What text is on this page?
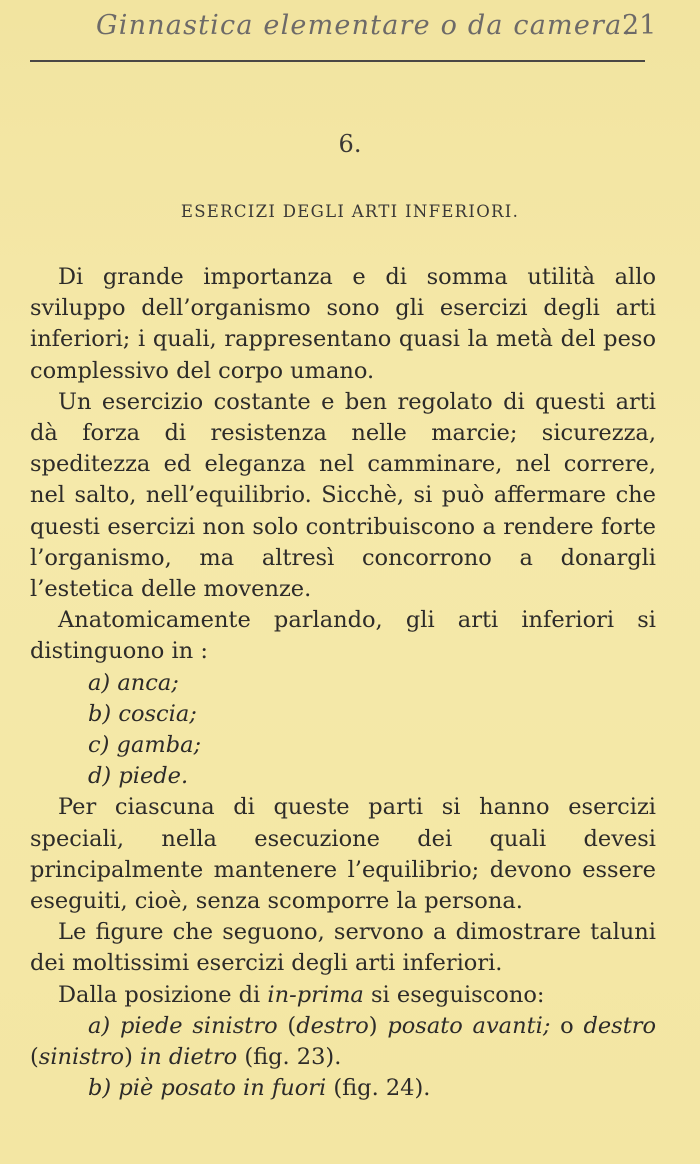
Ginnastica elementare o da camera.
21
6.
ESERCIZI DEGLI ARTI INFERIORI.

Di grande importanza e di somma utilità allo sviluppo dell’organismo sono gli esercizi degli arti inferiori; i quali, rappresentano quasi la metà del peso complessivo del corpo umano.

Un esercizio costante e ben regolato di questi arti dà forza di resistenza nelle marcie; sicurezza, speditezza ed eleganza nel camminare, nel correre, nel salto, nell’equilibrio. Sicchè, si può affermare che questi esercizi non solo contribuiscono a rendere forte l’organismo, ma altresì concorrono a donargli l’estetica delle movenze.

Anatomicamente parlando, gli arti inferiori si distinguono in :

a) anca;

b) coscia;

c) gamba;

d) piede.

Per ciascuna di queste parti si hanno esercizi speciali, nella esecuzione dei quali devesi principalmente mantenere l’equilibrio; devono essere eseguiti, cioè, senza scomporre la persona.

Le figure che seguono, servono a dimostrare taluni dei moltissimi esercizi degli arti inferiori.

Dalla posizione di in-prima si eseguiscono:

a) piede sinistro (destro) posato avanti; o destro (sinistro) in dietro (fig. 23).

b) piè posato in fuori (fig. 24).
